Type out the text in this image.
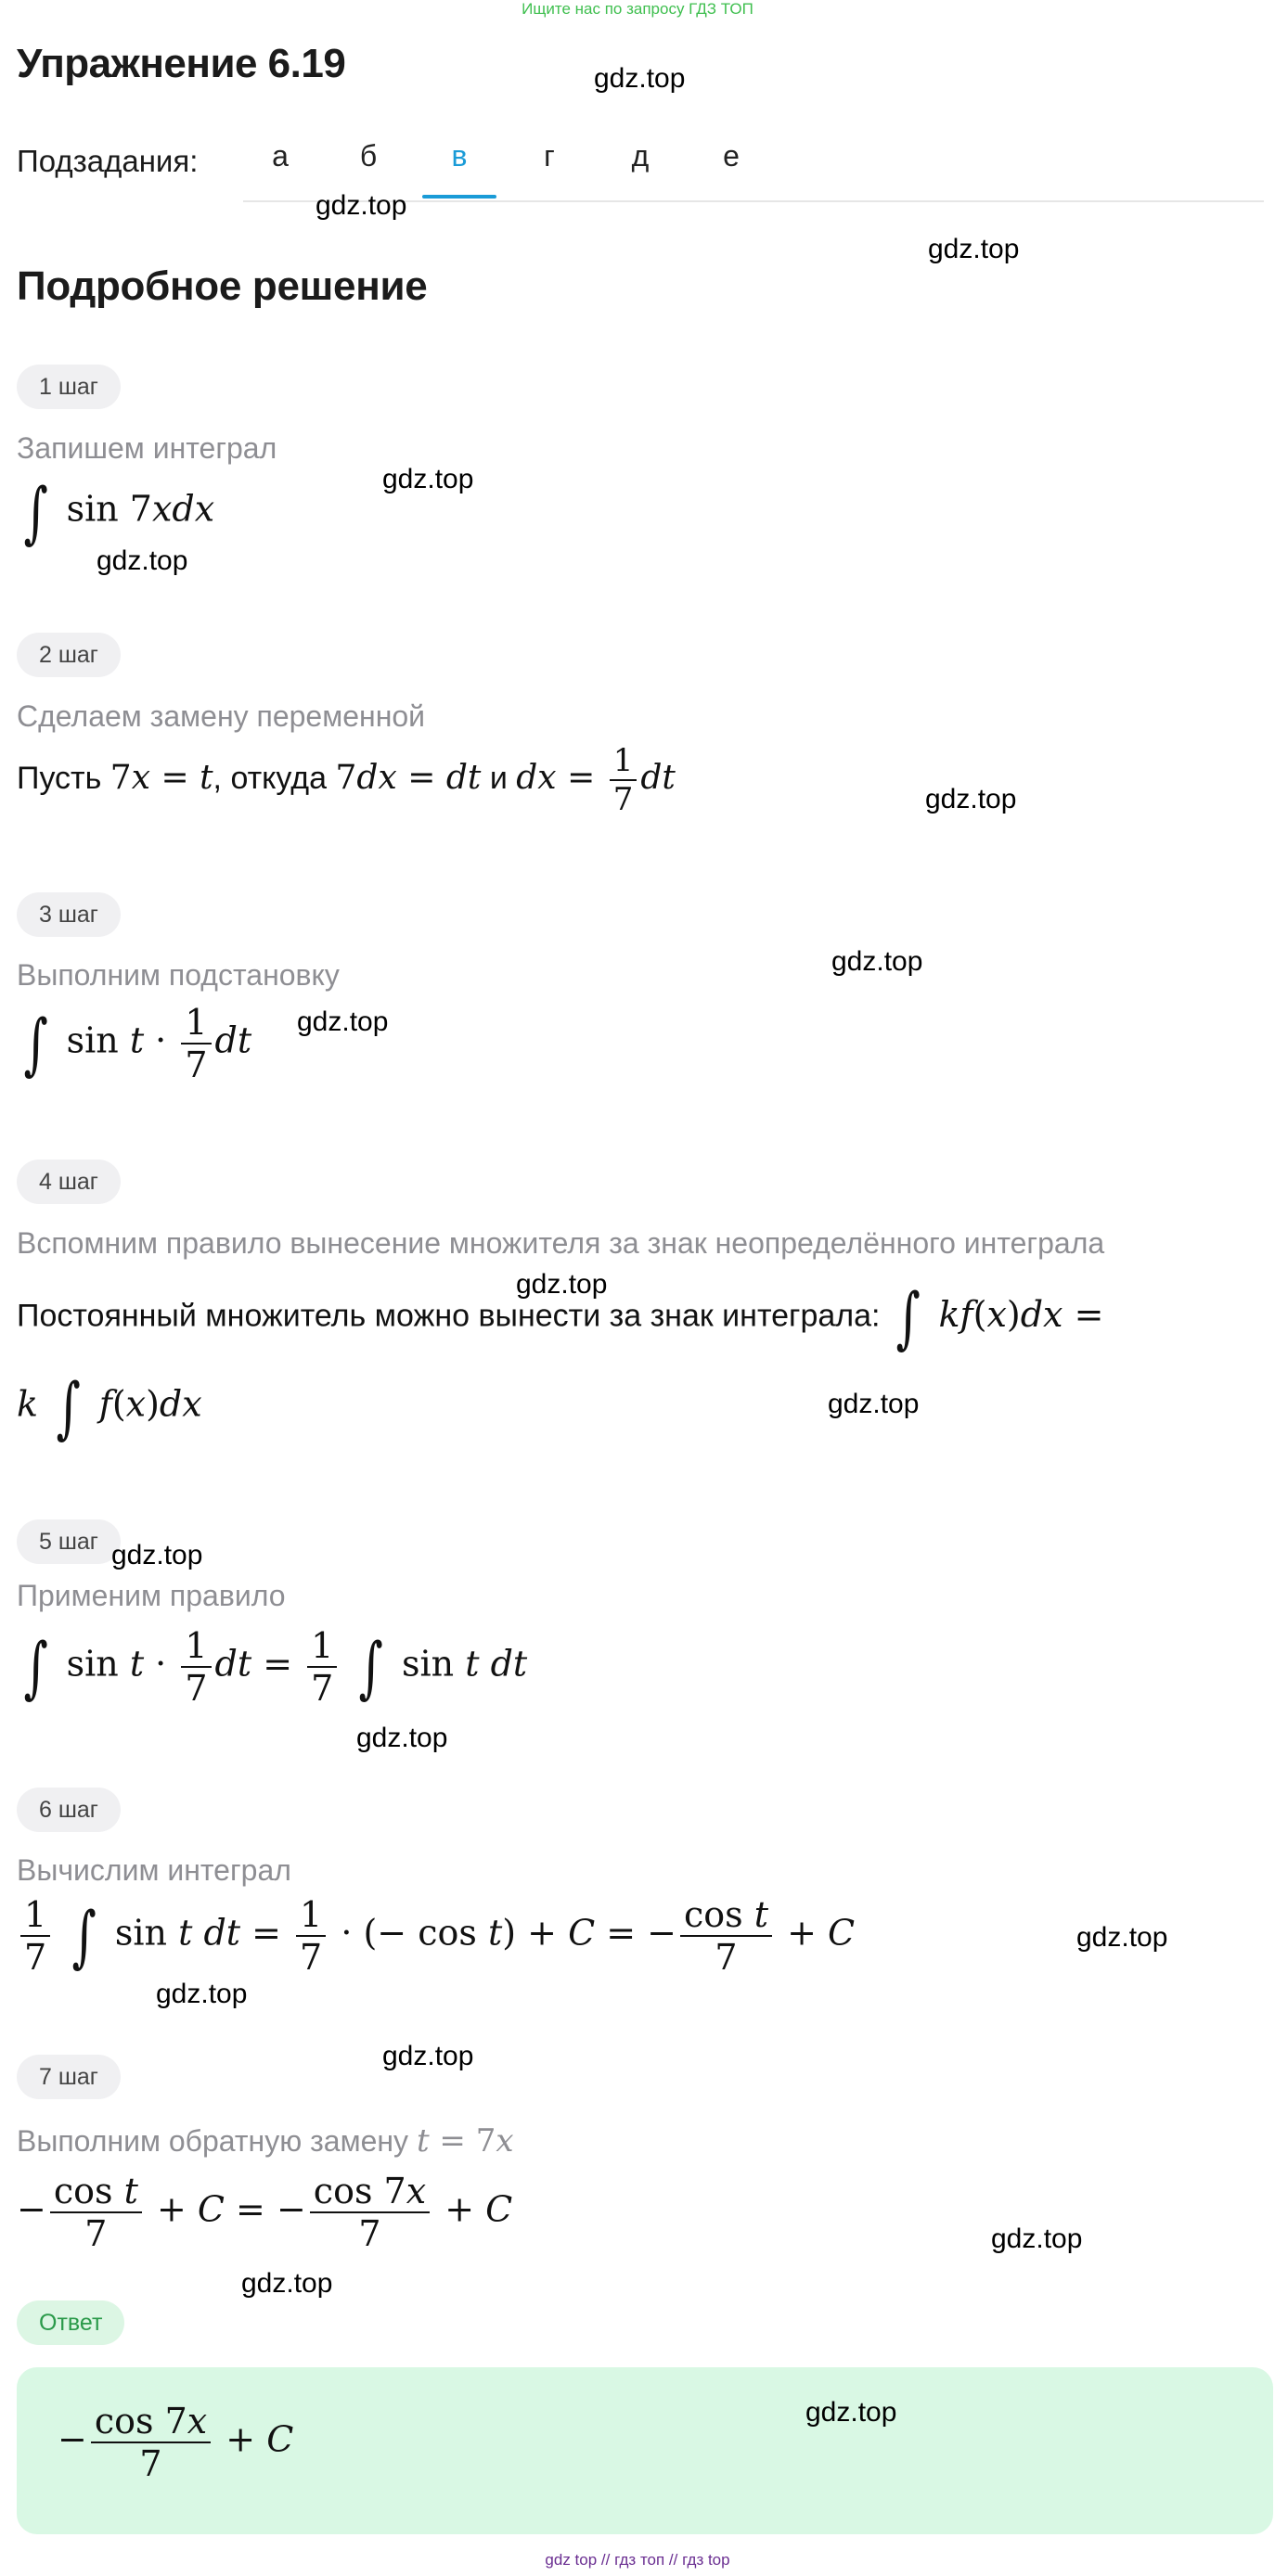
Ищите нас по запросу ГДЗ ТОП
Упражнение 6.19
Подзадания:	а	б	в	г	д	е
Подробное решение
1 шаг
Запишем интеграл
∫ sin 7xdx
2 шаг
Сделаем замену переменной
Пусть 7x = t, откуда 7dx = dt и dx = $\frac{1}{7}$ dt
3 шаг
Выполним подстановку
∫ $\sin t \cdot \frac{1}{7}$ dt
4 шаг
Вспомним правило вынесение множителя за знак неопределённого интеграла
Постоянный множитель можно вынести за знак интеграла: ∫ kf(x)dx =
k ∫ f(x)dx
5 шаг
Применим правило
∫ $\sin t \cdot \frac{1}{7}$ dt = $\frac{1}{7}$ ∫ sin t dt
6 шаг
Вычислим интеграл
$\frac{1}{7}$ ∫ sin t dt = $\frac{1}{7}$ · (− cos t) + C = − $\frac{\text{cos t}}{7} + C$
7 шаг
Выполним обратную замену t = 7x
− $\frac{\text{cos t}}{7} + C$ = − $\frac{\cos 7x}{7} + C$
Ответ
− $\frac{\cos 7x}{7} + C$
gdz.top
gdz.top
gdz.top
gdz.top
gdz.top
gdz.top
gdz.top
gdz.top
gdz.top
gdz.top
gdz.top
gdz.top
gdz.top
gdz.top
gdz.top
gdz.top
gdz.top
gdz.top
gdz top // гдз топ // гдз top
